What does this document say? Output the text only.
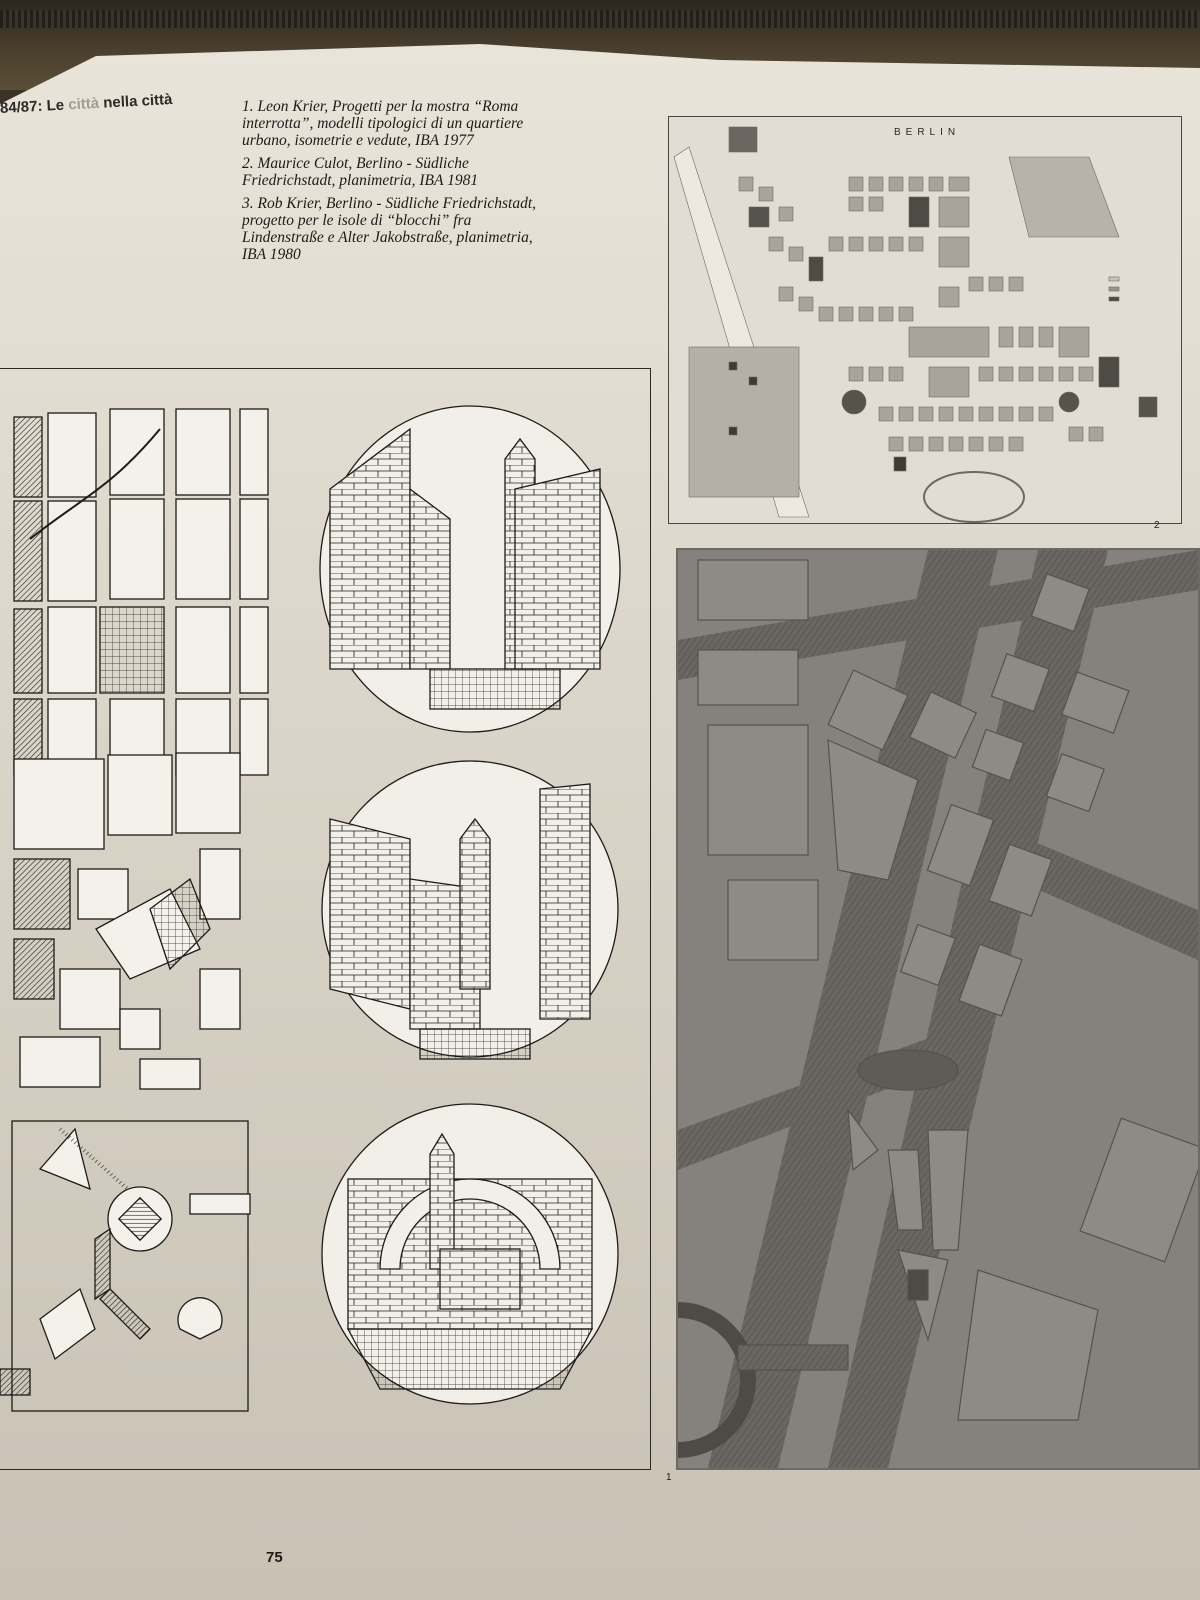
84/87: Le città nella città	1. Leon Krier, Progetti per la mostra “Roma interrotta”, modelli tipologici di un quartiere urbano, isometrie e vedute, IBA 1977

2. Maurice Culot, Berlino - Südliche Friedrichstadt, planimetria, IBA 1981

3. Rob Krier, Berlino - Südliche Friedrichstadt, progetto per le isole di “blocchi” fra Lindenstraße e Alter Jakobstraße, planimetria, IBA 1980

1
BERLIN
2
75
